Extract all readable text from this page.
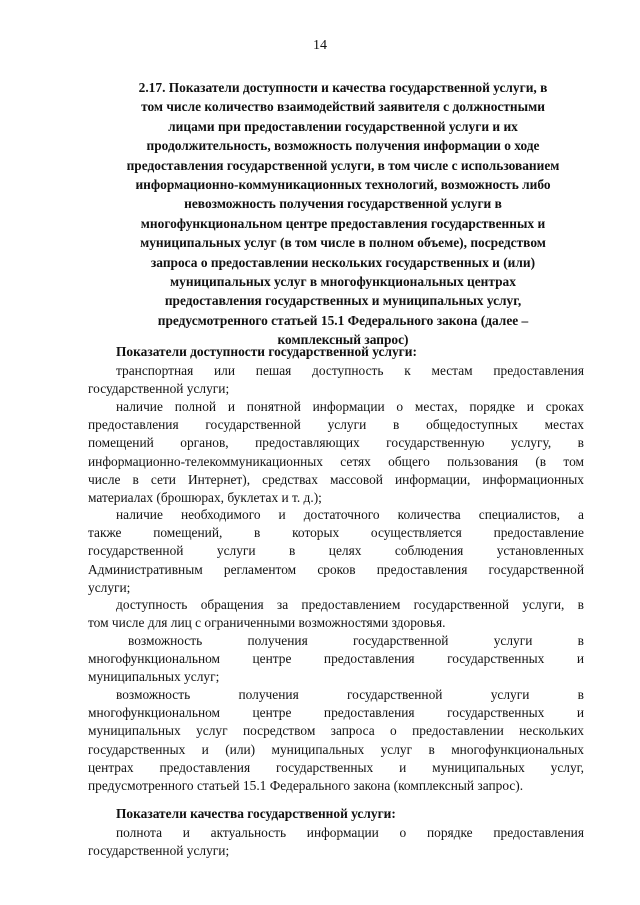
14
2.17. Показатели доступности и качества государственной услуги, в
том числе количество взаимодействий заявителя с должностными
лицами при предоставлении государственной услуги и их
продолжительность, возможность получения информации о ходе
предоставления государственной услуги, в том числе с использованием
информационно-коммуникационных технологий, возможность либо
невозможность получения государственной услуги в
многофункциональном центре предоставления государственных и
муниципальных услуг (в том числе в полном объеме), посредством
запроса о предоставлении нескольких государственных и (или)
муниципальных услуг в многофункциональных центрах
предоставления государственных и муниципальных услуг,
предусмотренного статьей 15.1 Федерального закона (далее –
комплексный запрос)
Показатели доступности государственной услуги:
транспортная или пешая доступность к местам предоставления
государственной услуги;
наличие полной и понятной информации о местах, порядке и сроках
предоставления государственной услуги в общедоступных местах
помещений органов, предоставляющих государственную услугу, в
информационно-телекоммуникационных сетях общего пользования (в том
числе в сети Интернет), средствах массовой информации, информационных
материалах (брошюрах, буклетах и т. д.);
наличие необходимого и достаточного количества специалистов, а
также помещений, в которых осуществляется предоставление
государственной услуги в целях соблюдения установленных
Административным регламентом сроков предоставления государственной
услуги;
доступность обращения за предоставлением государственной услуги, в
том числе для лиц с ограниченными возможностями здоровья.
возможность получения государственной услуги в
многофункциональном центре предоставления государственных и
муниципальных услуг;
возможность получения государственной услуги в
многофункциональном центре предоставления государственных и
муниципальных услуг посредством запроса о предоставлении нескольких
государственных и (или) муниципальных услуг в многофункциональных
центрах предоставления государственных и муниципальных услуг,
предусмотренного статьей 15.1 Федерального закона (комплексный запрос).
Показатели качества государственной услуги:
полнота и актуальность информации о порядке предоставления
государственной услуги;
